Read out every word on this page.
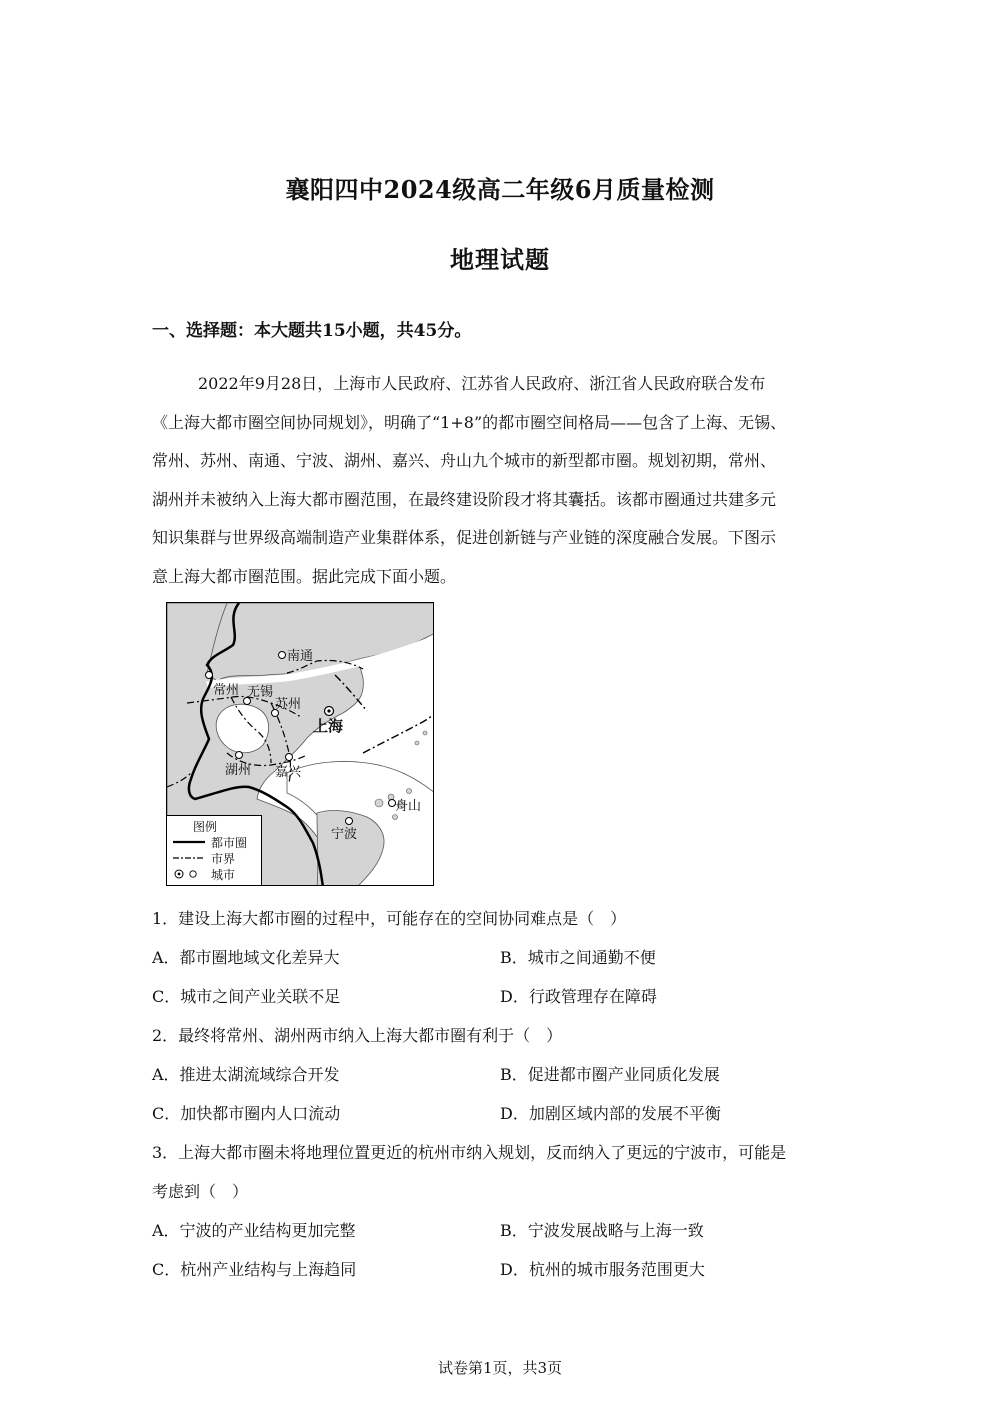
襄阳四中2024级高二年级6月质量检测
地理试题
一、选择题：本大题共15小题，共45分。

2022年9月28日，上海市人民政府、江苏省人民政府、浙江省人民政府联合发布

《上海大都市圈空间协同规划》，明确了“1+8”的都市圈空间格局——包含了上海、无锡、

常州、苏州、南通、宁波、湖州、嘉兴、舟山九个城市的新型都市圈。规划初期，常州、

湖州并未被纳入上海大都市圈范围，在最终建设阶段才将其囊括。该都市圈通过共建多元

知识集群与世界级高端制造产业集群体系，促进创新链与产业链的深度融合发展。下图示

意上海大都市圈范围。据此完成下面小题。

南通
常州 无锡
苏州
上海
湖州 嘉兴
舟山
宁波
图例
都市圈
市界
城市
1．建设上海大都市圈的过程中，可能存在的空间协同难点是（　）
A．都市圈地域文化差异大	B．城市之间通勤不便
C．城市之间产业关联不足	D．行政管理存在障碍
2．最终将常州、湖州两市纳入上海大都市圈有利于（　）
A．推进太湖流域综合开发	B．促进都市圈产业同质化发展
C．加快都市圈内人口流动	D．加剧区域内部的发展不平衡
3．上海大都市圈未将地理位置更近的杭州市纳入规划，反而纳入了更远的宁波市，可能是
考虑到（　）
A．宁波的产业结构更加完整	B．宁波发展战略与上海一致
C．杭州产业结构与上海趋同	D．杭州的城市服务范围更大
试卷第1页，共3页
